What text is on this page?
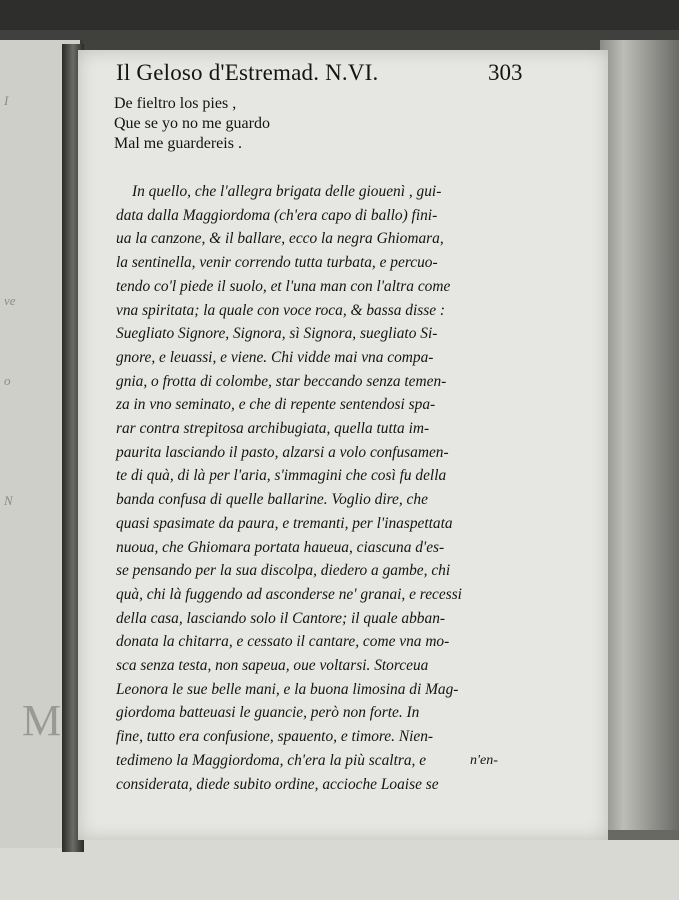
I
ve
o
N
M
Il Geloso d'Estremad. N.VI.	303
De fieltro los pies ,
Que se yo no me guardo
Mal me guardereis .
In quello, che l'allegra brigata delle giouenì , gui-
data dalla Maggiordoma (ch'era capo di ballo) fini-
ua la canzone, & il ballare, ecco la negra Ghiomara,
la sentinella, venir correndo tutta turbata, e percuo-
tendo co'l piede il suolo, et l'una man con l'altra come
vna spiritata; la quale con voce roca, & bassa disse :
Suegliato Signore, Signora, sì Signora, suegliato Si-
gnore, e leuassi, e viene. Chi vidde mai vna compa-
gnia, o frotta di colombe, star beccando senza temen-
za in vno seminato, e che di repente sentendosi spa-
rar contra strepitosa archibugiata, quella tutta im-
paurita lasciando il pasto, alzarsi a volo confusamen-
te di quà, di là per l'aria, s'immagini che così fu della
banda confusa di quelle ballarine. Voglio dire, che
quasi spasimate da paura, e tremanti, per l'inaspettata
nuoua, che Ghiomara portata haueua, ciascuna d'es-
se pensando per la sua discolpa, diedero a gambe, chi
quà, chi là fuggendo ad asconderse ne' granai, e recessi
della casa, lasciando solo il Cantore; il quale abban-
donata la chitarra, e cessato il cantare, come vna mo-
sca senza testa, non sapeua, oue voltarsi. Storceua
Leonora le sue belle mani, e la buona limosina di Mag-
giordoma batteuasi le guancie, però non forte. In
fine, tutto era confusione, spauento, e timore. Nien-
tedimeno la Maggiordoma, ch'era la più scaltra, e
considerata, diede subito ordine, accioche Loaise se
n'en-
